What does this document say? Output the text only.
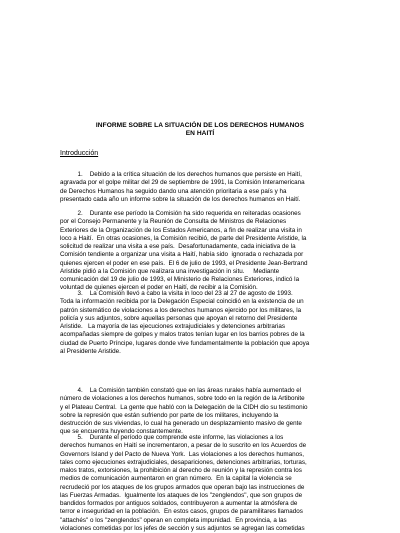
INFORME SOBRE LA SITUACIÓN DE LOS DERECHOS HUMANOS
EN HAITÍ
Introducción
1.    Debido a la crítica situación de los derechos humanos que persiste en Haití,
agravada por el golpe militar del 29 de septiembre de 1991, la Comisión Interamericana
de Derechos Humanos ha seguido dando una atención prioritaria a ese país y ha
presentado cada año un informe sobre la situación de los derechos humanos en Haití.
2.    Durante ese período la Comisión ha sido requerida en reiteradas ocasiones
por el Consejo Permanente y la Reunión de Consulta de Ministros de Relaciones
Exteriores de la Organización de los Estados Americanos, a fin de realizar una visita in
loco a Haití.  En otras ocasiones, la Comisión recibió, de parte del Presidente Aristide, la
solicitud de realizar una visita a ese país.  Desafortunadamente, cada iniciativa de la
Comisión tendiente a organizar una visita a Haití, había sido  ignorada o rechazada por
quienes ejercen el poder en ese país.  El 6 de julio de 1993, el Presidente Jean-Bertrand
Aristide pidió a la Comisión que realizara una investigación in situ.     Mediante
comunicación del 19 de julio de 1993, el Ministerio de Relaciones Exteriores, indicó la
voluntad de quienes ejercen el poder en Haití, de recibir a la Comisión.
3.    La Comisión llevó a cabo la visita in loco del 23 al 27 de agosto de 1993.
Toda la información recibida por la Delegación Especial coincidió en la existencia de un
patrón sistemático de violaciones a los derechos humanos ejercido por los militares, la
policía y sus adjuntos, sobre aquellas personas que apoyan el retorno del Presidente
Aristide.   La mayoría de las ejecuciones extrajudiciales y detenciones arbitrarias
acompañadas siempre de golpes y malos tratos tenían lugar en los barrios pobres de la
ciudad de Puerto Príncipe, lugares donde vive fundamentalmente la población que apoya
al Presidente Aristide.
4.    La Comisión también constató que en las áreas rurales había aumentado el
número de violaciones a los derechos humanos, sobre todo en la región de la Artibonite
y el Plateau Central.  La gente que habló con la Delegación de la CIDH dio su testimonio
sobre la represión que están sufriendo por parte de los militares, incluyendo la
destrucción de sus viviendas, lo cual ha generado un desplazamiento masivo de gente
que se encuentra huyendo constantemente.
5.    Durante el período que comprende este informe, las violaciones a los
derechos humanos en Haití se incrementaron, a pesar de lo suscrito en los Acuerdos de
Governors Island y del Pacto de Nueva York.  Las violaciones a los derechos humanos,
tales como ejecuciones extrajudiciales, desapariciones, detenciones arbitrarias, torturas,
malos tratos, extorsiones, la prohibición al derecho de reunión y la represión contra los
medios de comunicación aumentaron en gran número.  En la capital la violencia se
recrudeció por los ataques de los grupos armados que operan bajo las instrucciones de
las Fuerzas Armadas.  Igualmente los ataques de los "zenglendos", que son grupos de
bandidos formados por antiguos soldados, contribuyeron a aumentar la atmósfera de
terror e inseguridad en la población.  En estos casos, grupos de paramilitares llamados
"attachés" o los "zenglendos" operan en completa impunidad.  En provincia, a las
violaciones cometidas por los jefes de sección y sus adjuntos se agregan las cometidas
